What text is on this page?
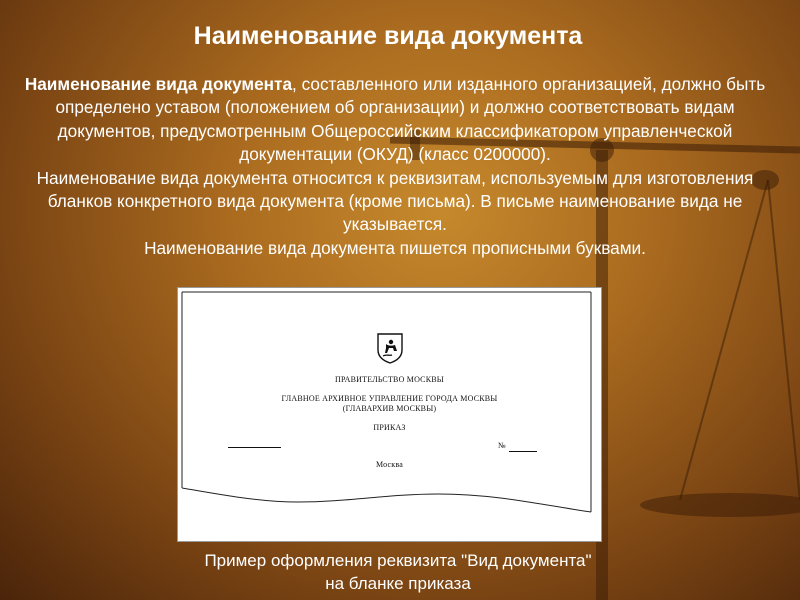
Наименование вида документа

Наименование вида документа, составленного или изданного организацией, должно быть определено уставом (положением об организации) и должно соответствовать видам документов, предусмотренным Общероссийским классификатором управленческой документации (ОКУД) (класс 0200000).

Наименование вида документа относится к реквизитам, используемым для изготовления бланков конкретного вида документа (кроме письма). В письме наименование вида не указывается.

Наименование вида документа пишется прописными буквами.

ПРАВИТЕЛЬСТВО МОСКВЫ
ГЛАВНОЕ АРХИВНОЕ УПРАВЛЕНИЕ ГОРОДА МОСКВЫ
(ГЛАВАРХИВ МОСКВЫ)
ПРИКАЗ
№
Москва
Пример оформления реквизита "Вид документа"
на бланке приказа
